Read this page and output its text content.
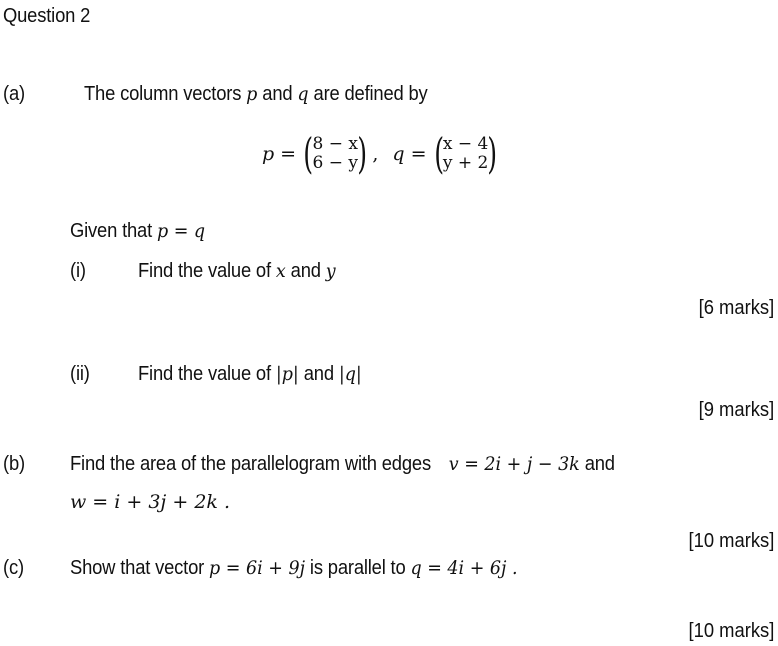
Question 2
(a)	The column vectors p and q are defined by
p = ( 8 − x
6 − y ) , q = ( x − 4
y + 2 )
Given that p = q
(i)	Find the value of x and y
[6 marks]
(ii) Find the value of |p| and |q|
[9 marks]
(b) Find the area of the parallelogram with edges v = 2i + j − 3k and
w = i + 3j + 2k .
[10 marks]
(c) Show that vector p = 6i + 9j is parallel to q = 4i + 6j .
[10 marks]
